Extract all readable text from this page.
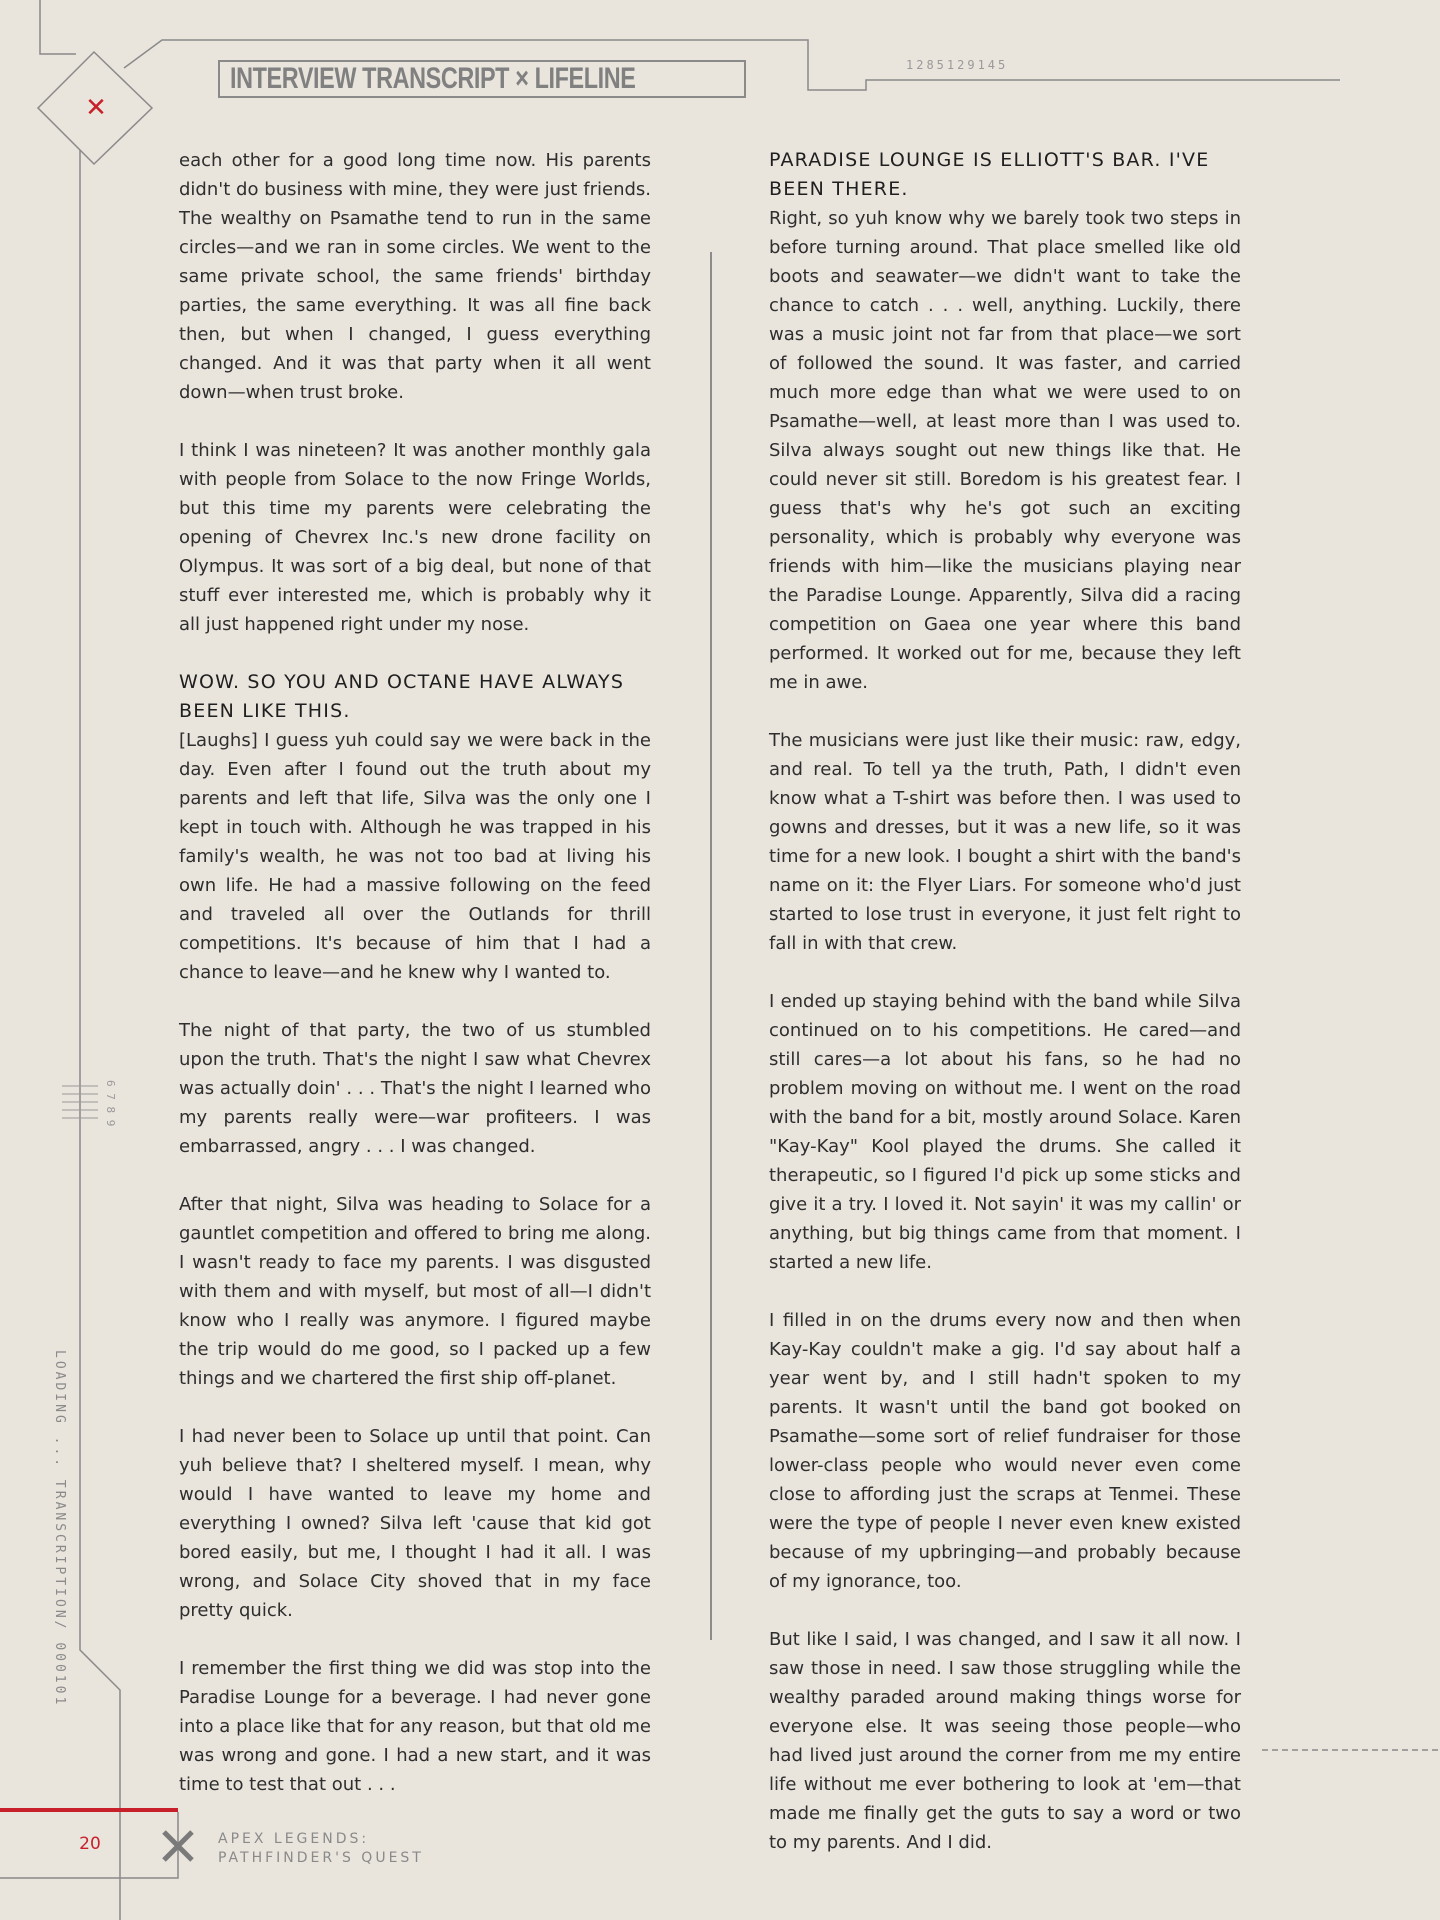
✕
INTERVIEW TRANSCRIPT × LIFELINE	1285129145
LOADING ... TRANSCRIPTION/ 000101
6 7 8 9

each other for a good long time now. His parents didn't do business with mine, they were just friends. The wealthy on Psamathe tend to run in the same circles—and we ran in some circles. We went to the same private school, the same friends' birthday parties, the same everything. It was all fine back then, but when I changed, I guess everything changed. And it was that party when it all went down—when trust broke.

I think I was nineteen? It was another monthly gala with people from Solace to the now Fringe Worlds, but this time my parents were celebrating the opening of Chevrex Inc.'s new drone facility on Olympus. It was sort of a big deal, but none of that stuff ever interested me, which is probably why it all just happened right under my nose.

WOW. SO YOU AND OCTANE HAVE ALWAYS BEEN LIKE THIS.

[Laughs] I guess yuh could say we were back in the day. Even after I found out the truth about my parents and left that life, Silva was the only one I kept in touch with. Although he was trapped in his family's wealth, he was not too bad at living his own life. He had a massive following on the feed and traveled all over the Outlands for thrill competitions. It's because of him that I had a chance to leave—and he knew why I wanted to.

The night of that party, the two of us stumbled upon the truth. That's the night I saw what Chevrex was actually doin' . . . That's the night I learned who my parents really were—war profiteers. I was embarrassed, angry . . . I was changed.

After that night, Silva was heading to Solace for a gauntlet competition and offered to bring me along. I wasn't ready to face my parents. I was disgusted with them and with myself, but most of all—I didn't know who I really was anymore. I figured maybe the trip would do me good, so I packed up a few things and we chartered the first ship off-planet.

I had never been to Solace up until that point. Can yuh believe that? I sheltered myself. I mean, why would I have wanted to leave my home and everything I owned? Silva left 'cause that kid got bored easily, but me, I thought I had it all. I was wrong, and Solace City shoved that in my face pretty quick.

I remember the first thing we did was stop into the Paradise Lounge for a beverage. I had never gone into a place like that for any reason, but that old me was wrong and gone. I had a new start, and it was time to test that out . . .

PARADISE LOUNGE IS ELLIOTT'S BAR. I'VE BEEN THERE.

Right, so yuh know why we barely took two steps in before turning around. That place smelled like old boots and seawater—we didn't want to take the chance to catch . . . well, anything. Luckily, there was a music joint not far from that place—we sort of followed the sound. It was faster, and carried much more edge than what we were used to on Psamathe—well, at least more than I was used to. Silva always sought out new things like that. He could never sit still. Boredom is his greatest fear. I guess that's why he's got such an exciting personality, which is probably why everyone was friends with him—like the musicians playing near the Paradise Lounge. Apparently, Silva did a racing competition on Gaea one year where this band performed. It worked out for me, because they left me in awe.

The musicians were just like their music: raw, edgy, and real. To tell ya the truth, Path, I didn't even know what a T-shirt was before then. I was used to gowns and dresses, but it was a new life, so it was time for a new look. I bought a shirt with the band's name on it: the Flyer Liars. For someone who'd just started to lose trust in everyone, it just felt right to fall in with that crew.

I ended up staying behind with the band while Silva continued on to his competitions. He cared—and still cares—a lot about his fans, so he had no problem moving on without me. I went on the road with the band for a bit, mostly around Solace. Karen "Kay-Kay" Kool played the drums. She called it therapeutic, so I figured I'd pick up some sticks and give it a try. I loved it. Not sayin' it was my callin' or anything, but big things came from that moment. I started a new life.

I filled in on the drums every now and then when Kay-Kay couldn't make a gig. I'd say about half a year went by, and I still hadn't spoken to my parents. It wasn't until the band got booked on Psamathe—some sort of relief fundraiser for those lower-class people who would never even come close to affording just the scraps at Tenmei. These were the type of people I never even knew existed because of my upbringing—and probably because of my ignorance, too.

But like I said, I was changed, and I saw it all now. I saw those in need. I saw those struggling while the wealthy paraded around making things worse for everyone else. It was seeing those people—who had lived just around the corner from me my entire life without me ever bothering to look at 'em—that made me finally get the guts to say a word or two to my parents. And I did.

20	APEX LEGENDS:
PATHFINDER'S QUEST
